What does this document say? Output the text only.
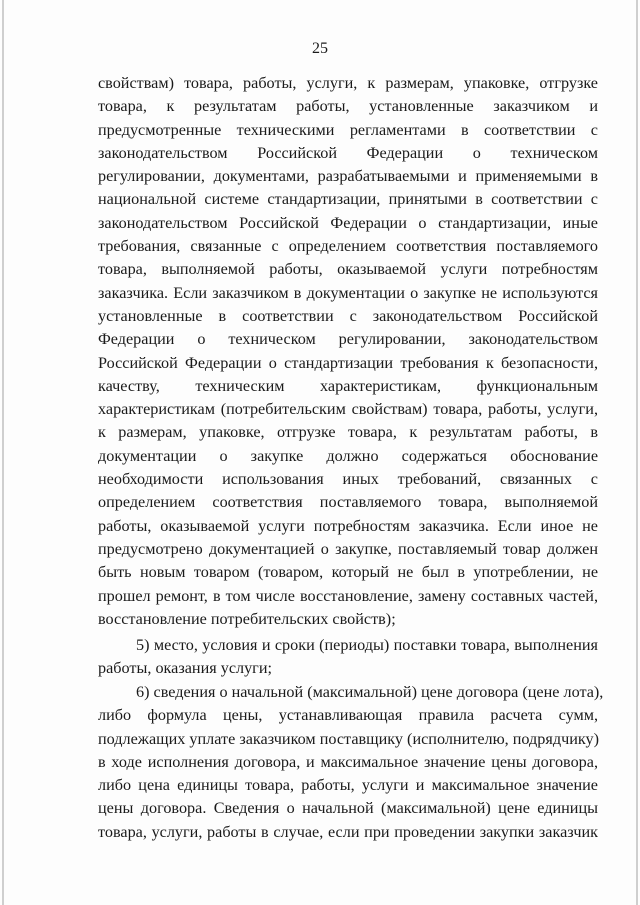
25
свойствам) товара, работы, услуги, к размерам, упаковке, отгрузке
товара, к результатам работы, установленные заказчиком и
предусмотренные техническими регламентами в соответствии с
законодательством Российской Федерации о техническом
регулировании, документами, разрабатываемыми и применяемыми в
национальной системе стандартизации, принятыми в соответствии с
законодательством Российской Федерации о стандартизации, иные
требования, связанные с определением соответствия поставляемого
товара, выполняемой работы, оказываемой услуги потребностям
заказчика. Если заказчиком в документации о закупке не используются
установленные в соответствии с законодательством Российской
Федерации о техническом регулировании, законодательством
Российской Федерации о стандартизации требования к безопасности,
качеству, техническим характеристикам, функциональным
характеристикам (потребительским свойствам) товара, работы, услуги,
к размерам, упаковке, отгрузке товара, к результатам работы, в
документации о закупке должно содержаться обоснование
необходимости использования иных требований, связанных с
определением соответствия поставляемого товара, выполняемой
работы, оказываемой услуги потребностям заказчика. Если иное не
предусмотрено документацией о закупке, поставляемый товар должен
быть новым товаром (товаром, который не был в употреблении, не
прошел ремонт, в том числе восстановление, замену составных частей,
восстановление потребительских свойств);
5) место, условия и сроки (периоды) поставки товара, выполнения
работы, оказания услуги;
6) сведения о начальной (максимальной) цене договора (цене лота),
либо формула цены, устанавливающая правила расчета сумм,
подлежащих уплате заказчиком поставщику (исполнителю, подрядчику)
в ходе исполнения договора, и максимальное значение цены договора,
либо цена единицы товара, работы, услуги и максимальное значение
цены договора. Сведения о начальной (максимальной) цене единицы
товара, услуги, работы в случае, если при проведении закупки заказчик
